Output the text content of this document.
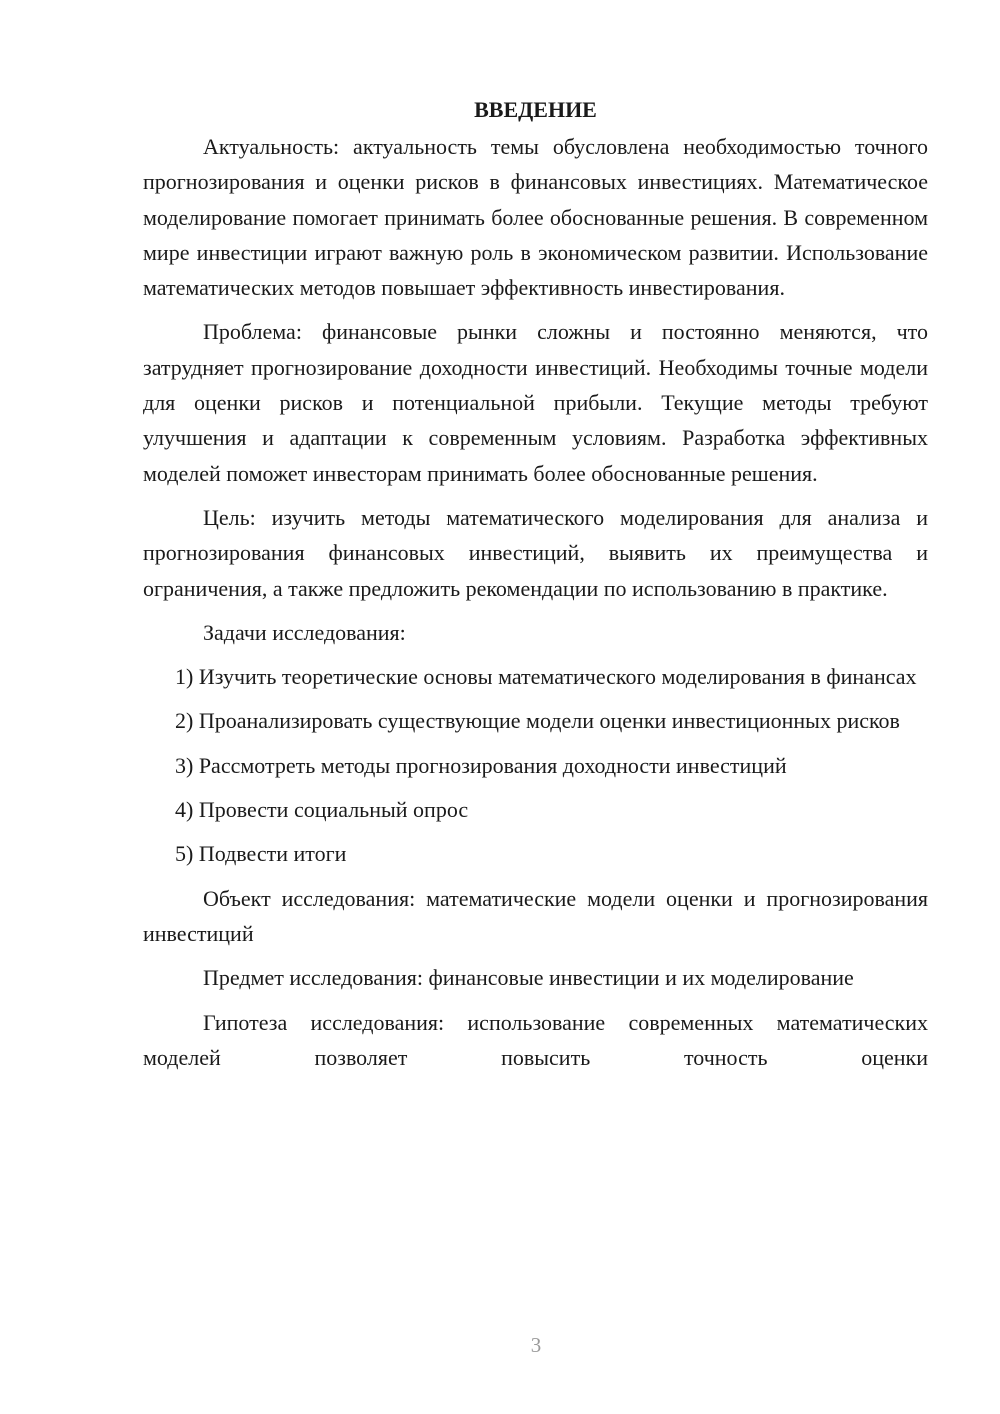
ВВЕДЕНИЕ

Актуальность: актуальность темы обусловлена необходимостью точного прогнозирования и оценки рисков в финансовых инвестициях. Математическое моделирование помогает принимать более обоснованные решения. В современном мире инвестиции играют важную роль в экономическом развитии. Использование математических методов повышает эффективность инвестирования.

Проблема: финансовые рынки сложны и постоянно меняются, что затрудняет прогнозирование доходности инвестиций. Необходимы точные модели для оценки рисков и потенциальной прибыли. Текущие методы требуют улучшения и адаптации к современным условиям. Разработка эффективных моделей поможет инвесторам принимать более обоснованные решения.

Цель: изучить методы математического моделирования для анализа и прогнозирования финансовых инвестиций, выявить их преимущества и ограничения, а также предложить рекомендации по использованию в практике.

Задачи исследования:

1) Изучить теоретические основы математического моделирования в финансах

2) Проанализировать существующие модели оценки инвестиционных рисков

3) Рассмотреть методы прогнозирования доходности инвестиций

4) Провести социальный опрос

5) Подвести итоги

Объект исследования: математические модели оценки и прогнозирования инвестиций

Предмет исследования: финансовые инвестиции и их моделирование

Гипотеза исследования: использование современных математических моделей позволяет повысить точность оценки

3
